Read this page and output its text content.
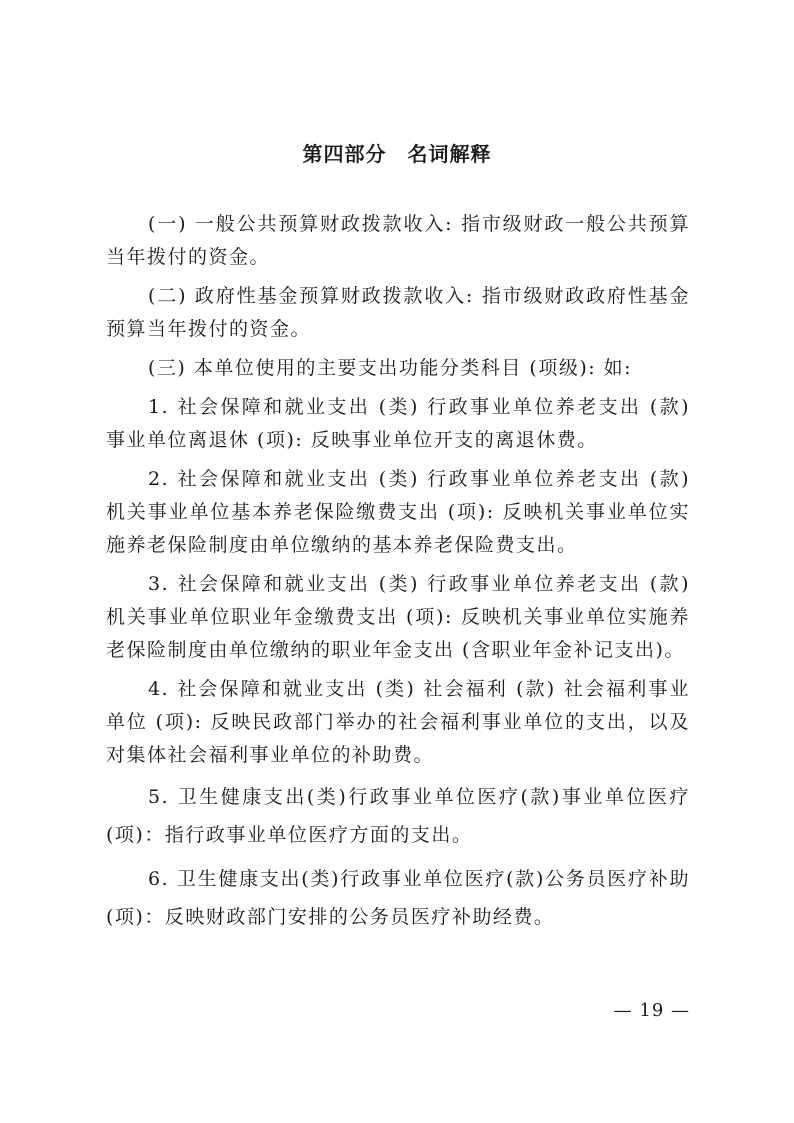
第四部分　名词解释

(一) 一般公共预算财政拨款收入: 指市级财政一般公共预算当年拨付的资金。

(二) 政府性基金预算财政拨款收入: 指市级财政政府性基金预算当年拨付的资金。

(三) 本单位使用的主要支出功能分类科目 (项级): 如:

1. 社会保障和就业支出 (类) 行政事业单位养老支出 (款) 事业单位离退休 (项): 反映事业单位开支的离退休费。

2. 社会保障和就业支出 (类) 行政事业单位养老支出 (款) 机关事业单位基本养老保险缴费支出 (项): 反映机关事业单位实施养老保险制度由单位缴纳的基本养老保险费支出。

3. 社会保障和就业支出 (类) 行政事业单位养老支出 (款) 机关事业单位职业年金缴费支出 (项): 反映机关事业单位实施养老保险制度由单位缴纳的职业年金支出 (含职业年金补记支出)。

4. 社会保障和就业支出 (类) 社会福利 (款) 社会福利事业单位 (项): 反映民政部门举办的社会福利事业单位的支出，以及对集体社会福利事业单位的补助费。

5. 卫生健康支出(类)行政事业单位医疗(款)事业单位医疗(项)：指行政事业单位医疗方面的支出。

6. 卫生健康支出(类)行政事业单位医疗(款)公务员医疗补助(项)：反映财政部门安排的公务员医疗补助经费。

— 19 —
